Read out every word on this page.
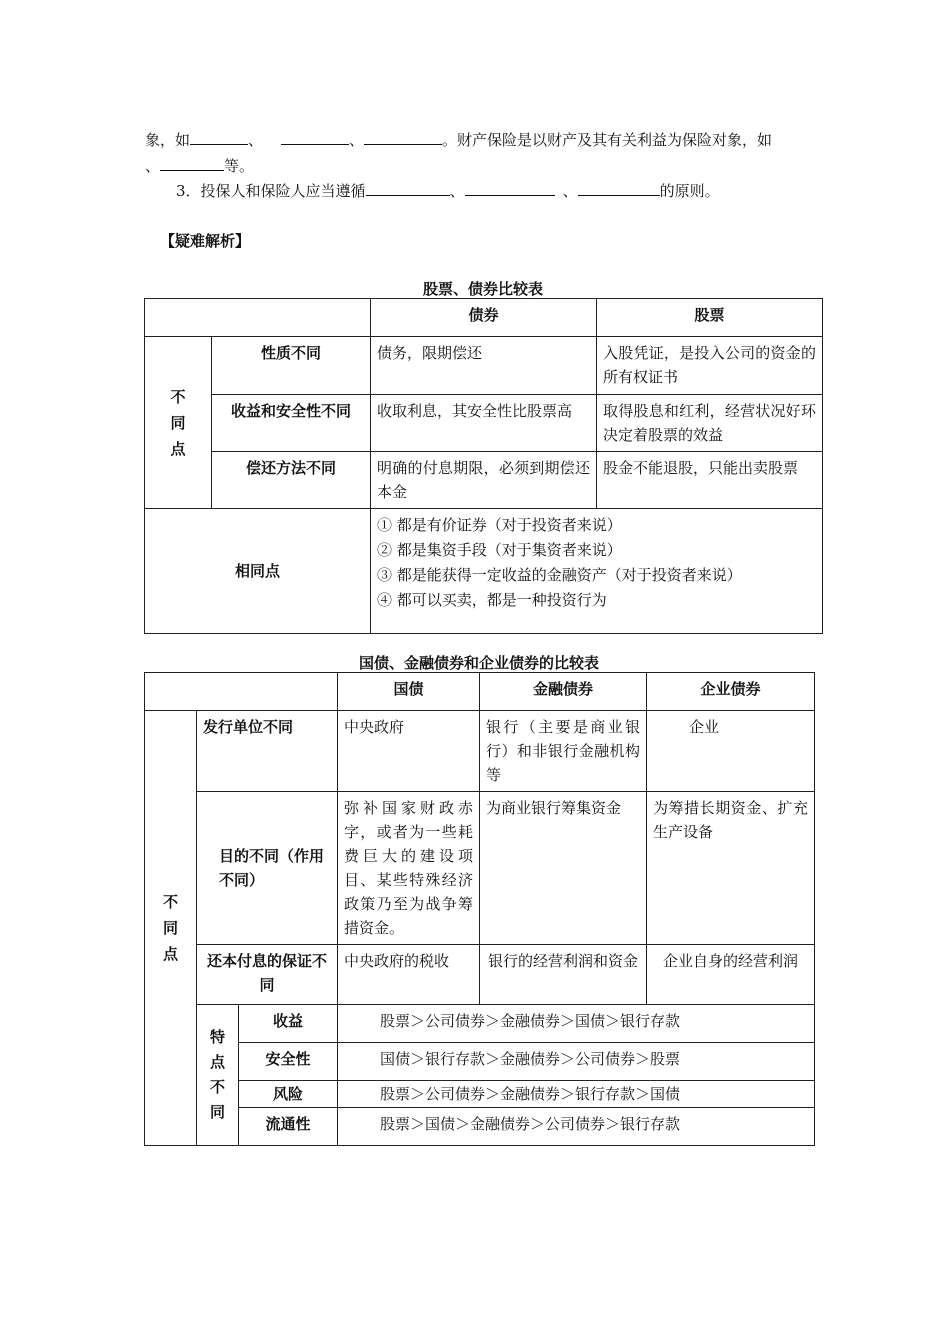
象，如	、	、	。财产保险是以财产及其有关利益为保险对象，如
、	等。
3．投保人和保险人应当遵循	、	、	的原则。
【疑难解析】
股票、债券比较表
		债券	股票
不同点	性质不同	债务，限期偿还	入股凭证，是投入公司的资金的所有权证书
	收益和安全性不同	收取利息，其安全性比股票高	取得股息和红利，经营状况好环决定着股票的效益
	偿还方法不同	明确的付息期限，必须到期偿还本金	股金不能退股，只能出卖股票
相同点		① 都是有价证券（对于投资者来说）
② 都是集资手段（对于集资者来说）
③ 都是能获得一定收益的金融资产（对于投资者来说）
④ 都可以买卖，都是一种投资行为	
国债、金融债券和企业债券的比较表
			国债	金融债券	企业债券
不同点	发行单位不同		中央政府	银行（主要是商业银行）和非银行金融机构等	企业
	目的不同（作用不同）		弥补国家财政赤字，或者为一些耗费巨大的建设项目、某些特殊经济政策乃至为战争筹措资金。	为商业银行筹集资金	为筹措长期资金、扩充生产设备
	还本付息的保证不同		中央政府的税收	银行的经营利润和资金	企业自身的经营利润
	特点不同	收益	股票＞公司债券＞金融债券＞国债＞银行存款		
		安全性	国债＞银行存款＞金融债券＞公司债券＞股票		
		风险	股票＞公司债券＞金融债券＞银行存款＞国债		
		流通性	股票＞国债＞金融债券＞公司债券＞银行存款		
